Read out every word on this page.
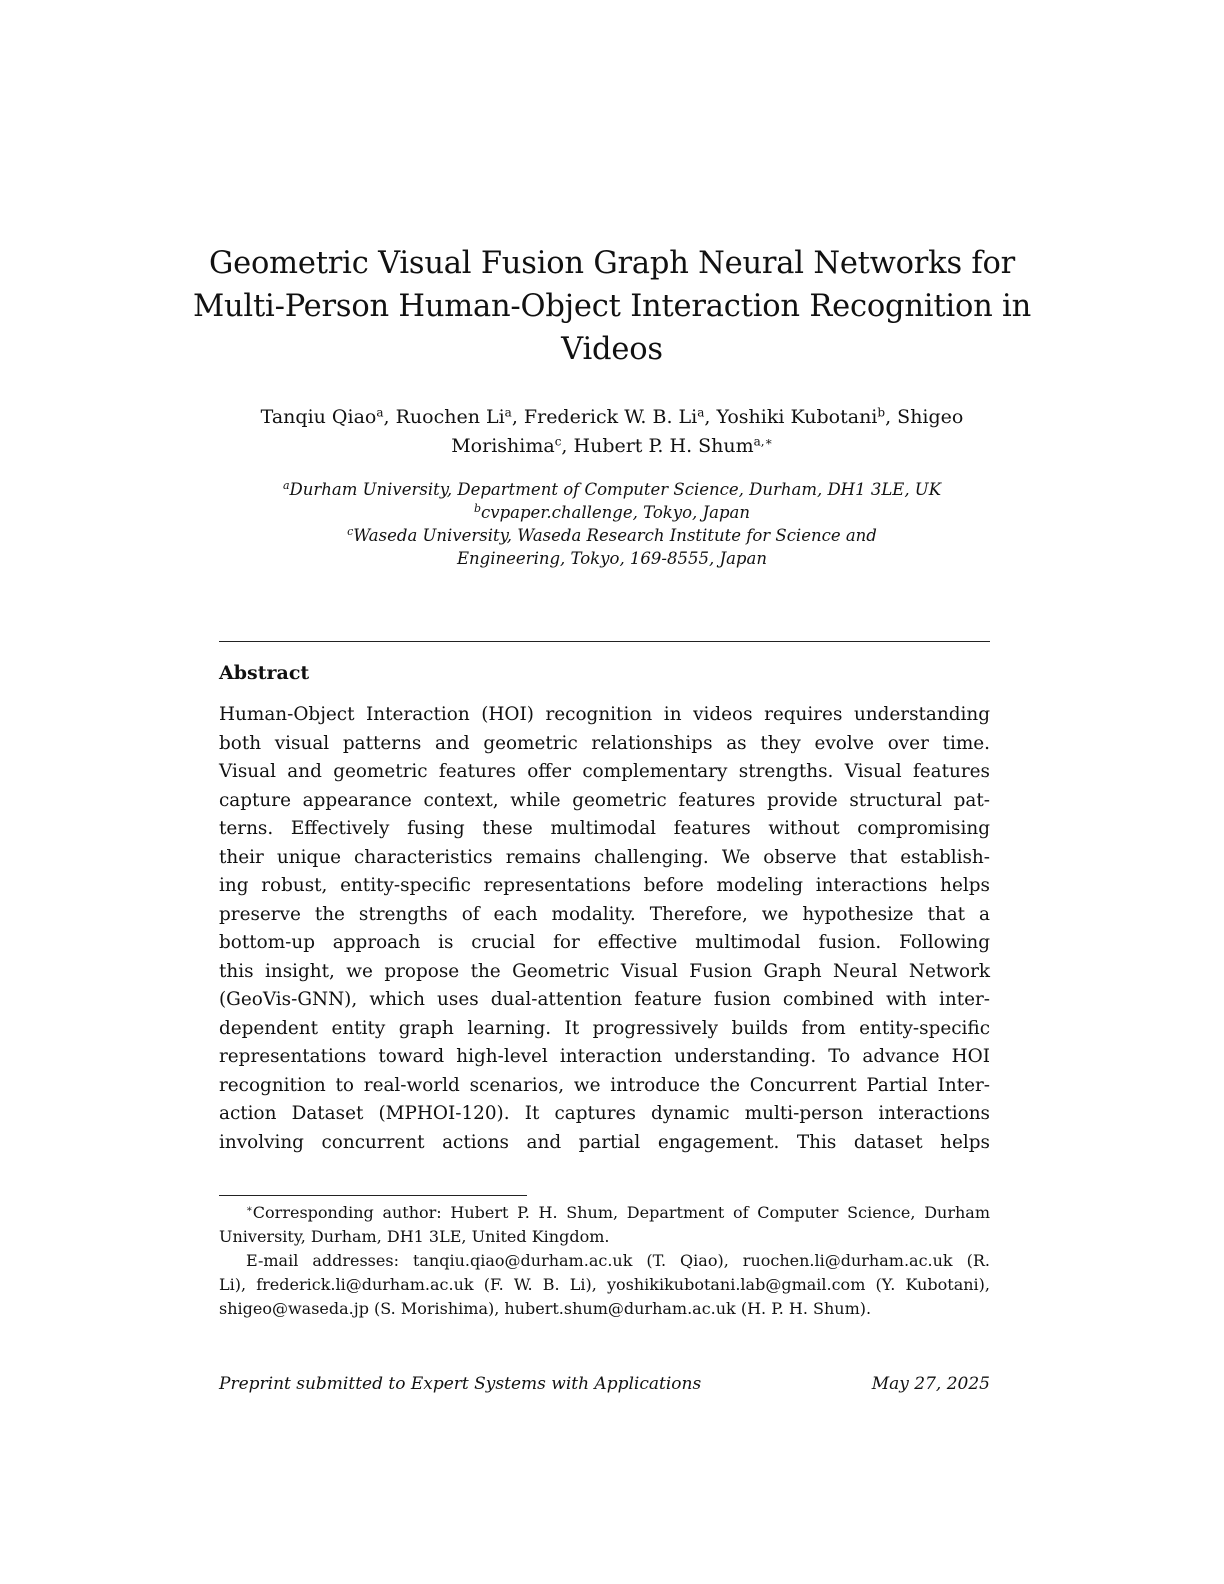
Geometric Visual Fusion Graph Neural Networks for
Multi-Person Human-Object Interaction Recognition in
Videos
Tanqiu Qiao$^a$, Ruochen Li$^a$, Frederick W. B. Li$^a$, Yoshiki Kubotani$^b$, Shigeo
Morishima$^c$, Hubert P. H. Shum$^{a,∗}$
$^a$Durham University, Department of Computer Science, Durham, DH1 3LE, UK
$^b$cvpaper.challenge, Tokyo, Japan
$^c$Waseda University, Waseda Research Institute for Science and
Engineering, Tokyo, 169-8555, Japan
Abstract
Human-Object Interaction (HOI) recognition in videos requires understanding
both visual patterns and geometric relationships as they evolve over time.
Visual and geometric features offer complementary strengths. Visual features
capture appearance context, while geometric features provide structural pat-
terns. Effectively fusing these multimodal features without compromising
their unique characteristics remains challenging. We observe that establish-
ing robust, entity-specific representations before modeling interactions helps
preserve the strengths of each modality. Therefore, we hypothesize that a
bottom-up approach is crucial for effective multimodal fusion. Following
this insight, we propose the Geometric Visual Fusion Graph Neural Network
(GeoVis-GNN), which uses dual-attention feature fusion combined with inter-
dependent entity graph learning. It progressively builds from entity-specific
representations toward high-level interaction understanding. To advance HOI
recognition to real-world scenarios, we introduce the Concurrent Partial Inter-
action Dataset (MPHOI-120). It captures dynamic multi-person interactions
involving concurrent actions and partial engagement. This dataset helps
∗Corresponding author: Hubert P. H. Shum, Department of Computer Science, Durham
University, Durham, DH1 3LE, United Kingdom.
E-mail addresses: tanqiu.qiao@durham.ac.uk (T. Qiao), ruochen.li@durham.ac.uk (R.
Li), frederick.li@durham.ac.uk (F. W. B. Li), yoshikikubotani.lab@gmail.com (Y. Kubotani),
shigeo@waseda.jp (S. Morishima), hubert.shum@durham.ac.uk (H. P. H. Shum).
Preprint submitted to Expert Systems with Applications	May 27, 2025
